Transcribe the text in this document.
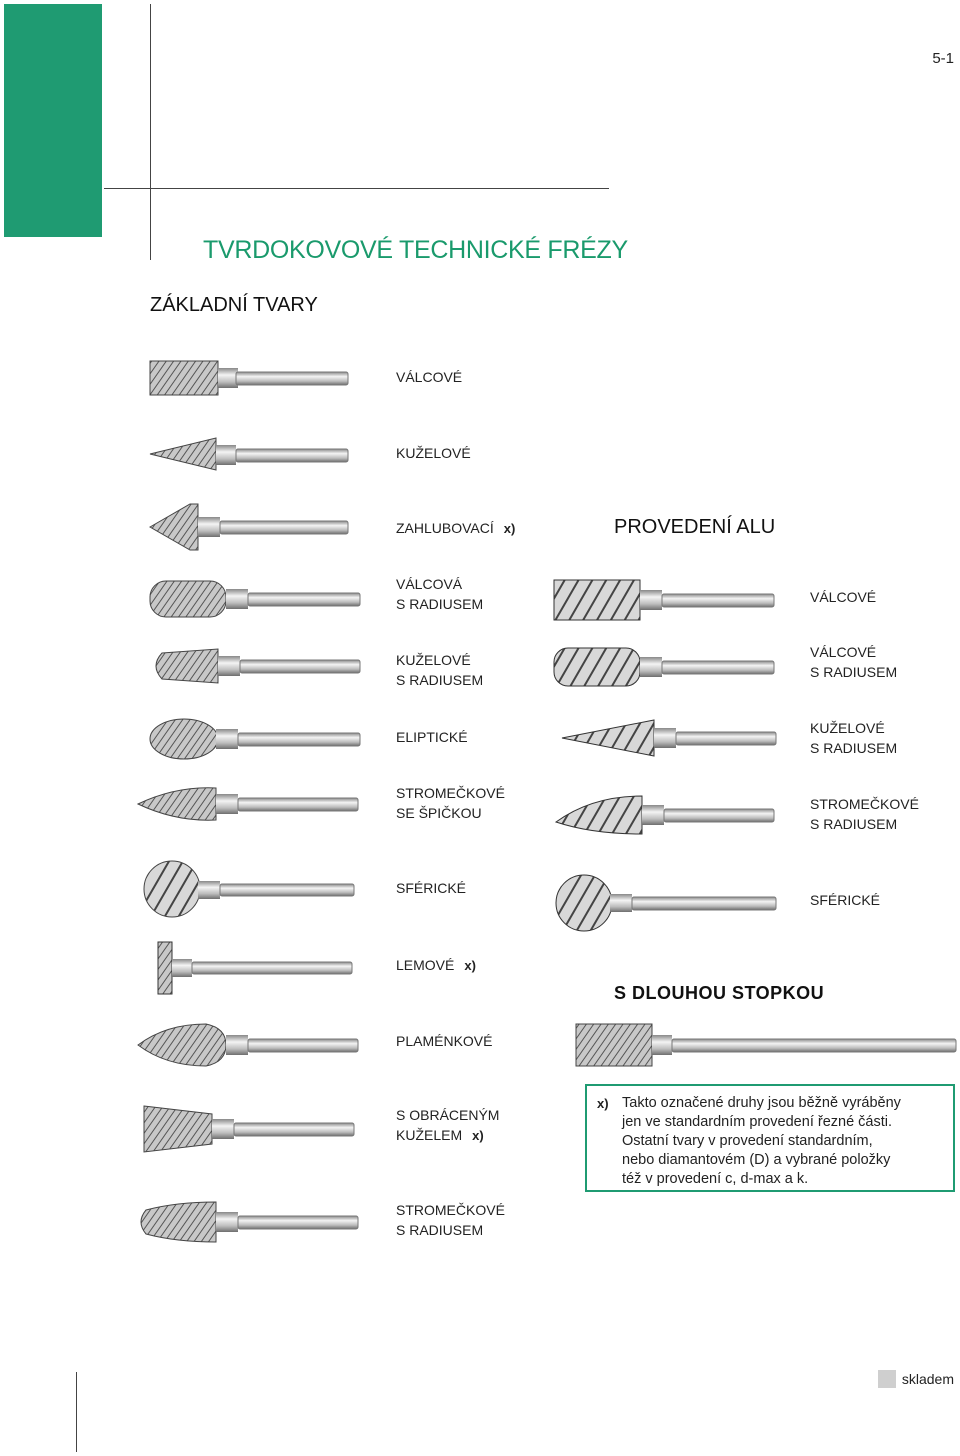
5-1
TVRDOKOVOVÉ TECHNICKÉ FRÉZY
ZÁKLADNÍ TVARY
PROVEDENÍ ALU
S DLOUHOU STOPKOU
VÁLCOVÉ
KUŽELOVÉ
ZAHLUBOVACÍ x)
VÁLCOVÁ
S RADIUSEM
KUŽELOVÉ
S RADIUSEM
ELIPTICKÉ
STROMEČKOVÉ
SE ŠPIČKOU
SFÉRICKÉ
LEMOVÉ x)
PLAMÉNKOVÉ
S OBRÁCENÝM
KUŽELEM x)
STROMEČKOVÉ
S RADIUSEM
VÁLCOVÉ
VÁLCOVÉ
S RADIUSEM
KUŽELOVÉ
S RADIUSEM
STROMEČKOVÉ
S RADIUSEM
SFÉRICKÉ
x) Takto označené druhy jsou běžně vyráběny
jen ve standardním provedení řezné části.
Ostatní tvary v provedení standardním,
nebo diamantovém (D) a vybrané položky
též v provedení c, d-max a k.
skladem
